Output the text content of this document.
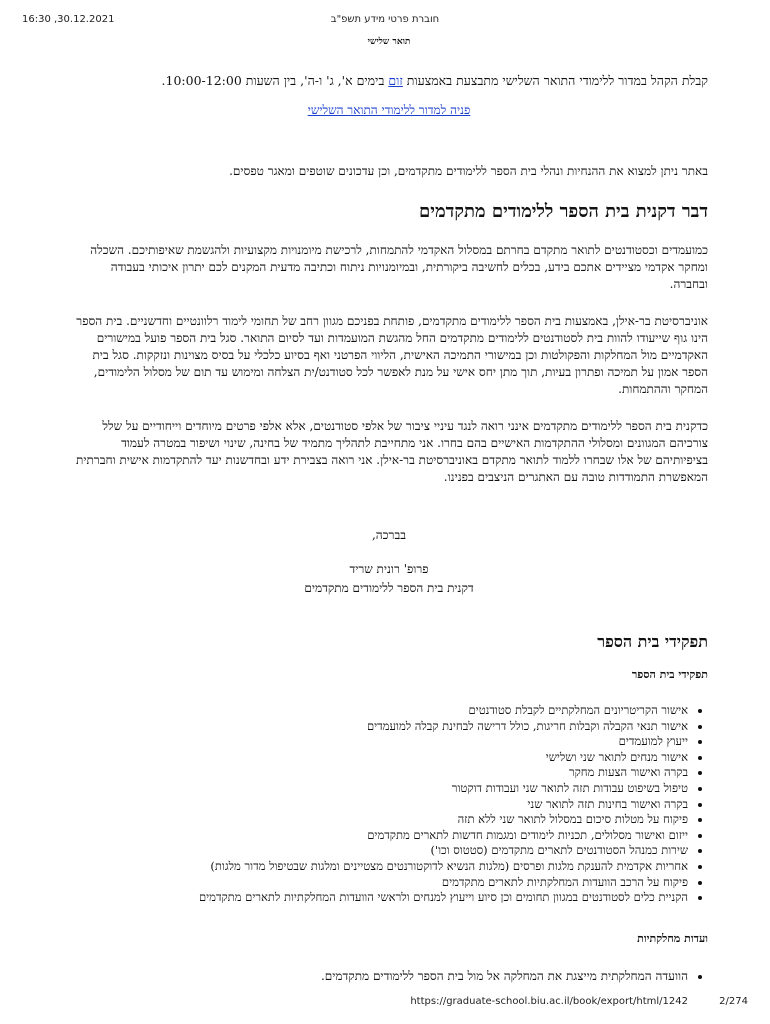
16:30 ,30.12.2021	חוברת פרטי מידע תשפ"ב
תואר שלישי

קבלת הקהל במדור ללימודי התואר השלישי מתבצעת באמצעות זום בימים א', ג' ו-ה', בין השעות 10:00-12:00.

פניה למדור ללימודי התואר השלישי

באתר ניתן למצוא את ההנחיות ונהלי בית הספר ללימודים מתקדמים, וכן עדכונים שוטפים ומאגר טפסים.

דבר דקנית בית הספר ללימודים מתקדמים

כמועמדים וכסטודנטים לתואר מתקדם בחרתם במסלול האקדמי להתמחות, לרכישת מיומנויות מקצועיות ולהגשמת שאיפותיכם. השכלה ומחקר אקדמי מציידים אתכם בידע, בכלים לחשיבה ביקורתית, ובמיומנויות ניתוח וכתיבה מדעית המקנים לכם יתרון איכותי בעבודה ובחברה.

אוניברסיטת בר-אילן, באמצעות בית הספר ללימודים מתקדמים, פותחת בפניכם מגוון רחב של תחומי לימוד רלוונטיים וחדשניים. בית הספר הינו גוף שייעודו להוות בית לסטודנטים ללימודים מתקדמים החל מהגשת המועמדות ועד לסיום התואר. סגל בית הספר פועל במישורים האקדמיים מול המחלקות והפקולטות וכן במישורי התמיכה האישית, הליווי הפרטני ואף בסיוע כלכלי על בסיס מצוינות ונזקקות. סגל בית הספר אמון על תמיכה ופתרון בעיות, תוך מתן יחס אישי על מנת לאפשר לכל סטודנט/ית הצלחה ומימוש עד תום של מסלול הלימודים, המחקר וההתמחות.

כדקנית בית הספר ללימודים מתקדמים אינני רואה לנגד עיניי ציבור של אלפי סטודנטים, אלא אלפי פרטים מיוחדים וייחודיים על שלל צורכיהם המגוונים ומסלולי ההתקדמות האישיים בהם בחרו. אני מתחייבת לתהליך מתמיד של בחינה, שינוי ושיפור במטרה לעמוד בציפיותיהם של אלו שבחרו ללמוד לתואר מתקדם באוניברסיטת בר-אילן. אני רואה בצבירת ידע ובחדשנות יעד להתקדמות אישית וחברתית המאפשרת התמודדות טובה עם האתגרים הניצבים בפנינו.

בברכה,

פרופ' רונית שריד

דקנית בית הספר ללימודים מתקדמים

תפקידי בית הספר
תפקידי בית הספר
• אישור הקריטריונים המחלקתיים לקבלת סטודנטים
• אישור תנאי הקבלה וקבלות חריגות, כולל דרישה לבחינת קבלה למועמדים
• ייעוץ למועמדים
• אישור מנחים לתואר שני ושלישי
• בקרה ואישור הצעות מחקר
• טיפול בשיפוט עבודות תזה לתואר שני ועבודות דוקטור
• בקרה ואישור בחינות תזה לתואר שני
• פיקוח על מטלות סיכום במסלול לתואר שני ללא תזה
• ייזום ואישור מסלולים, תכניות לימודים ומגמות חדשות לתארים מתקדמים
• שירות כמנהל הסטודנטים לתארים מתקדמים (סטטוס וכו')
• אחריות אקדמית להענקת מלגות ופרסים (מלגות הנשיא לדוקטורנטים מצטיינים ומלגות שבטיפול מדור מלגות)
• פיקוח על הרכב הוועדות המחלקתיות לתארים מתקדמים
• הקניית כלים לסטודנטים במגוון תחומים וכן סיוע וייעוץ למנחים ולראשי הוועדות המחלקתיות לתארים מתקדמים
ועדות מחלקתיות
• הוועדה המחלקתית מייצגת את המחלקה אל מול בית הספר ללימודים מתקדמים.
https://graduate-school.biu.ac.il/book/export/html/1242	2/274
